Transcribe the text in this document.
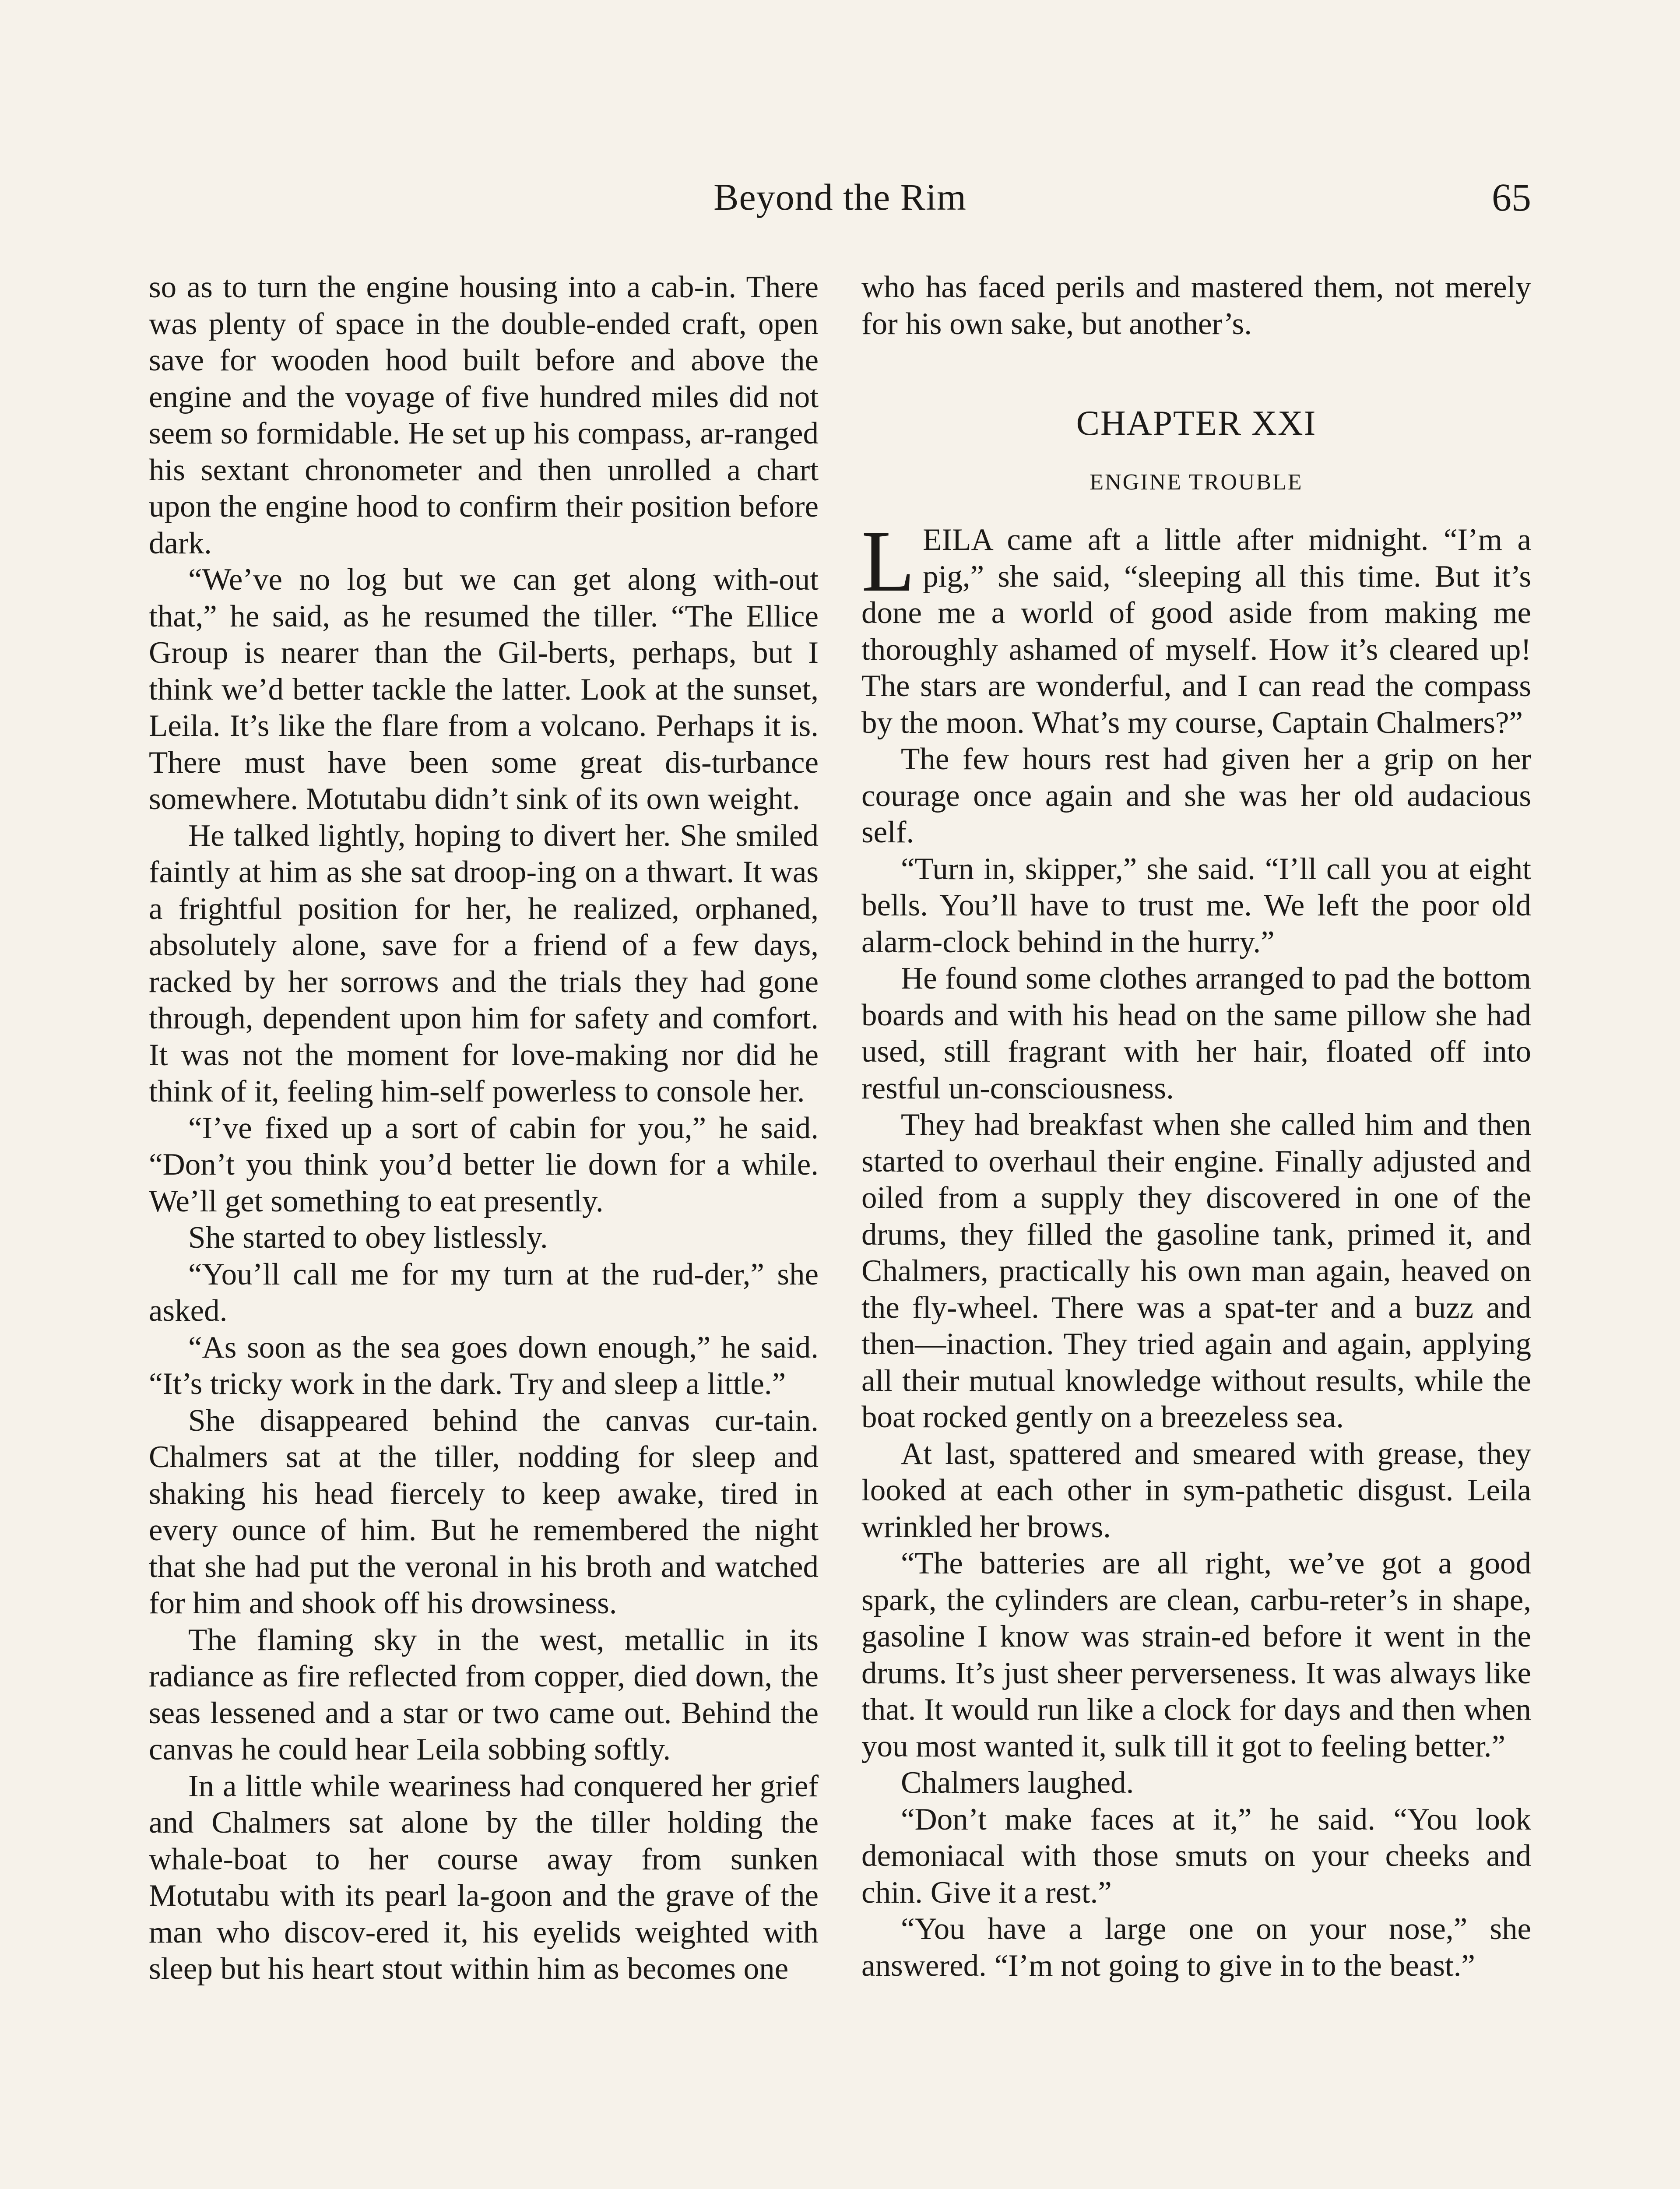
Beyond the Rim	65

so as to turn the engine housing into a cab-in. There was plenty of space in the double-ended craft, open save for wooden hood built before and above the engine and the voyage of five hundred miles did not seem so formidable. He set up his compass, ar-ranged his sextant chronometer and then unrolled a chart upon the engine hood to confirm their position before dark.

“We’ve no log but we can get along with-out that,” he said, as he resumed the tiller. “The Ellice Group is nearer than the Gil-berts, perhaps, but I think we’d better tackle the latter. Look at the sunset, Leila. It’s like the flare from a volcano. Perhaps it is. There must have been some great dis-turbance somewhere. Motutabu didn’t sink of its own weight.

He talked lightly, hoping to divert her. She smiled faintly at him as she sat droop-ing on a thwart. It was a frightful position for her, he realized, orphaned, absolutely alone, save for a friend of a few days, racked by her sorrows and the trials they had gone through, dependent upon him for safety and comfort. It was not the moment for love-making nor did he think of it, feeling him-self powerless to console her.

“I’ve fixed up a sort of cabin for you,” he said. “Don’t you think you’d better lie down for a while. We’ll get something to eat presently.

She started to obey listlessly.

“You’ll call me for my turn at the rud-der,” she asked.

“As soon as the sea goes down enough,” he said. “It’s tricky work in the dark. Try and sleep a little.”

She disappeared behind the canvas cur-tain. Chalmers sat at the tiller, nodding for sleep and shaking his head fiercely to keep awake, tired in every ounce of him. But he remembered the night that she had put the veronal in his broth and watched for him and shook off his drowsiness.

The flaming sky in the west, metallic in its radiance as fire reflected from copper, died down, the seas lessened and a star or two came out. Behind the canvas he could hear Leila sobbing softly.

In a little while weariness had conquered her grief and Chalmers sat alone by the tiller holding the whale-boat to her course away from sunken Motutabu with its pearl la-goon and the grave of the man who discov-ered it, his eyelids weighted with sleep but his heart stout within him as becomes one

who has faced perils and mastered them, not merely for his own sake, but another’s.

CHAPTER XXI
ENGINE TROUBLE

LEILA came aft a little after midnight. “I’m a pig,” she said, “sleeping all this time. But it’s done me a world of good aside from making me thoroughly ashamed of myself. How it’s cleared up! The stars are wonderful, and I can read the compass by the moon. What’s my course, Captain Chalmers?”

The few hours rest had given her a grip on her courage once again and she was her old audacious self.

“Turn in, skipper,” she said. “I’ll call you at eight bells. You’ll have to trust me. We left the poor old alarm-clock behind in the hurry.”

He found some clothes arranged to pad the bottom boards and with his head on the same pillow she had used, still fragrant with her hair, floated off into restful un-consciousness.

They had breakfast when she called him and then started to overhaul their engine. Finally adjusted and oiled from a supply they discovered in one of the drums, they filled the gasoline tank, primed it, and Chalmers, practically his own man again, heaved on the fly-wheel. There was a spat-ter and a buzz and then—inaction. They tried again and again, applying all their mutual knowledge without results, while the boat rocked gently on a breezeless sea.

At last, spattered and smeared with grease, they looked at each other in sym-pathetic disgust. Leila wrinkled her brows.

“The batteries are all right, we’ve got a good spark, the cylinders are clean, carbu-reter’s in shape, gasoline I know was strain-ed before it went in the drums. It’s just sheer perverseness. It was always like that. It would run like a clock for days and then when you most wanted it, sulk till it got to feeling better.”

Chalmers laughed.

“Don’t make faces at it,” he said. “You look demoniacal with those smuts on your cheeks and chin. Give it a rest.”

“You have a large one on your nose,” she answered. “I’m not going to give in to the beast.”
